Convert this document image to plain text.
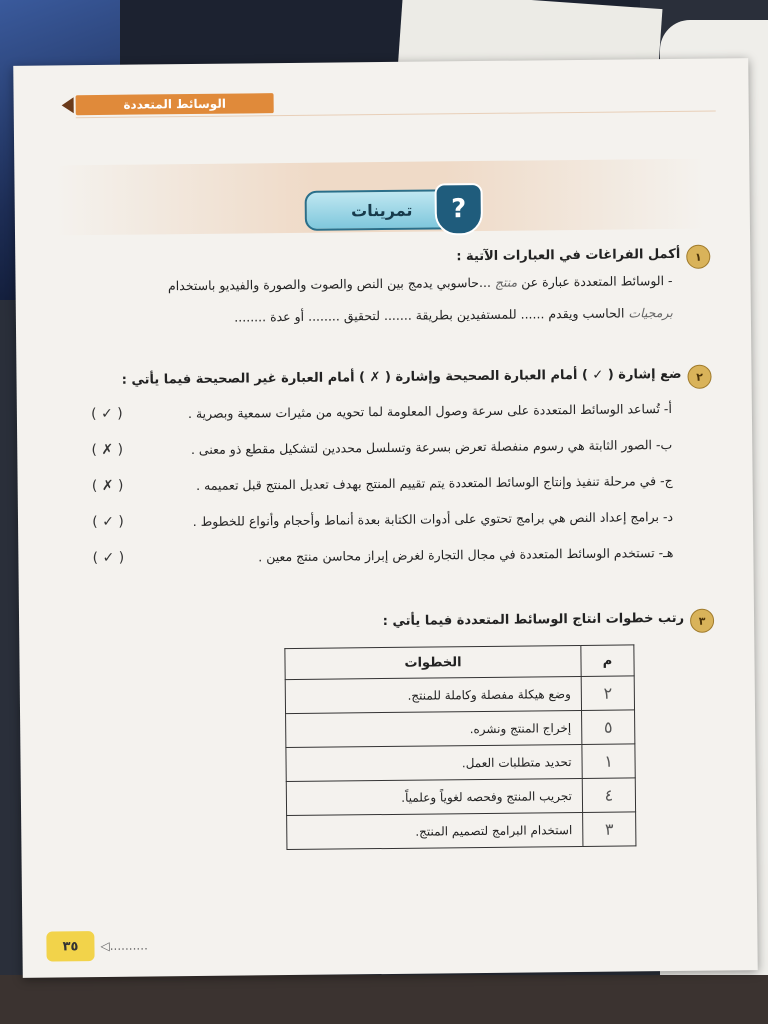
الوسائط المتعددة
تمرينات	?
١
أكمل الفراغات في العبارات الآتية :
- الوسائط المتعددة عبارة عن منتج ...حاسوبي يدمج بين النص والصوت والصورة والفيديو باستخدام
برمجيات الحاسب ويقدم ...... للمستفيدين بطريقة ....... لتحقيق ........ أو عدة ........
٢
ضع إشارة ( ✓ ) أمام العبارة الصحيحة وإشارة ( ✗ ) أمام العبارة غير الصحيحة فيما يأتي :
أ- تُساعد الوسائط المتعددة على سرعة وصول المعلومة لما تحويه من مثيرات سمعية وبصرية .
( ✓ )
ب- الصور الثابتة هي رسوم منفصلة تعرض بسرعة وتسلسل محددين لتشكيل مقطع ذو معنى .
( ✗ )
ج- في مرحلة تنفيذ وإنتاج الوسائط المتعددة يتم تقييم المنتج بهدف تعديل المنتج قبل تعميمه .
( ✗ )
د- برامج إعداد النص هي برامج تحتوي على أدوات الكتابة بعدة أنماط وأحجام وأنواع للخطوط .
( ✓ )
هـ- تستخدم الوسائط المتعددة في مجال التجارة لغرض إبراز محاسن منتج معين .
( ✓ )
٣
رتب خطوات انتاج الوسائط المتعددة فيما يأتي :
م	الخطوات
٢	وضع هيكلة مفصلة وكاملة للمنتج.
٥	إخراج المنتج ونشره.
١	تحديد متطلبات العمل.
٤	تجريب المنتج وفحصه لغوياً وعلمياً.
٣	استخدام البرامج لتصميم المنتج.
٣٥	◁..........
